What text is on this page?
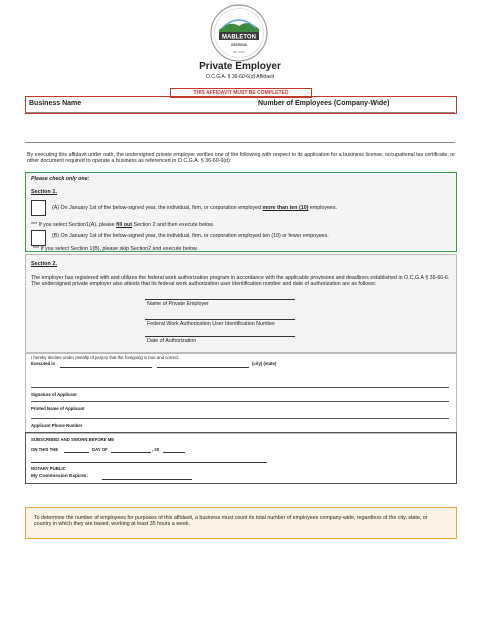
MABLETON
GEORGIA
Est. 2016
Private Employer
O.C.G.A. § 36-60-6(d) Affidavit
THIS AFFIDAVIT MUST BE COMPLETED
Business Name	Number of Employees (Company-Wide)
By executing this affidavit under oath, the undersigned private employer verifies one of the following with respect to its application for a business license, occupational tax certificate, or other document required to operate a business as referenced in O.C.G.A. § 36-60-6(d):
Please check only one:
Section 1.
(A) On January 1st of the below-signed year, the individual, firm, or corporation employed more than ten (10) employees.
*** If you select Section1(A), please fill out Section 2 and then execute below.
(B) On January 1st of the below-signed year, the individual, firm, or corporation employed ten (10) or fewer empoyees.
*** If you select Section 1(B), please skip Section2 and execute below.
Section 2.
The employer has registered with and utilizes the federal work authorization program in accordance with the applicable provisions and deadlines established in O.C.G.A § 36-60-6. The undersigned private employer also attests that its federal work authorization user identification number and date of authorization are as follows:
Name of Private Employer
Federal Work Authorization User Identification Number
Date of Authorization
I hereby declare under penalty of perjury that the foregoing is true and correct.
Executed in	(city) (state)
Signature of Applicant
Printed Name of Applicant
Applicant Phone Number
SUBSCRIBED AND SWORN BEFORE ME
ON THIS THE	DAY OF	, 20
NOTARY PUBLIC
My Commission Expires:
To determine the number of employees for purposes of this affidavit, a business must count its total number of employees company-wide, regardless of the city, state, or country in which they are based, working at least 35 hours a week.
